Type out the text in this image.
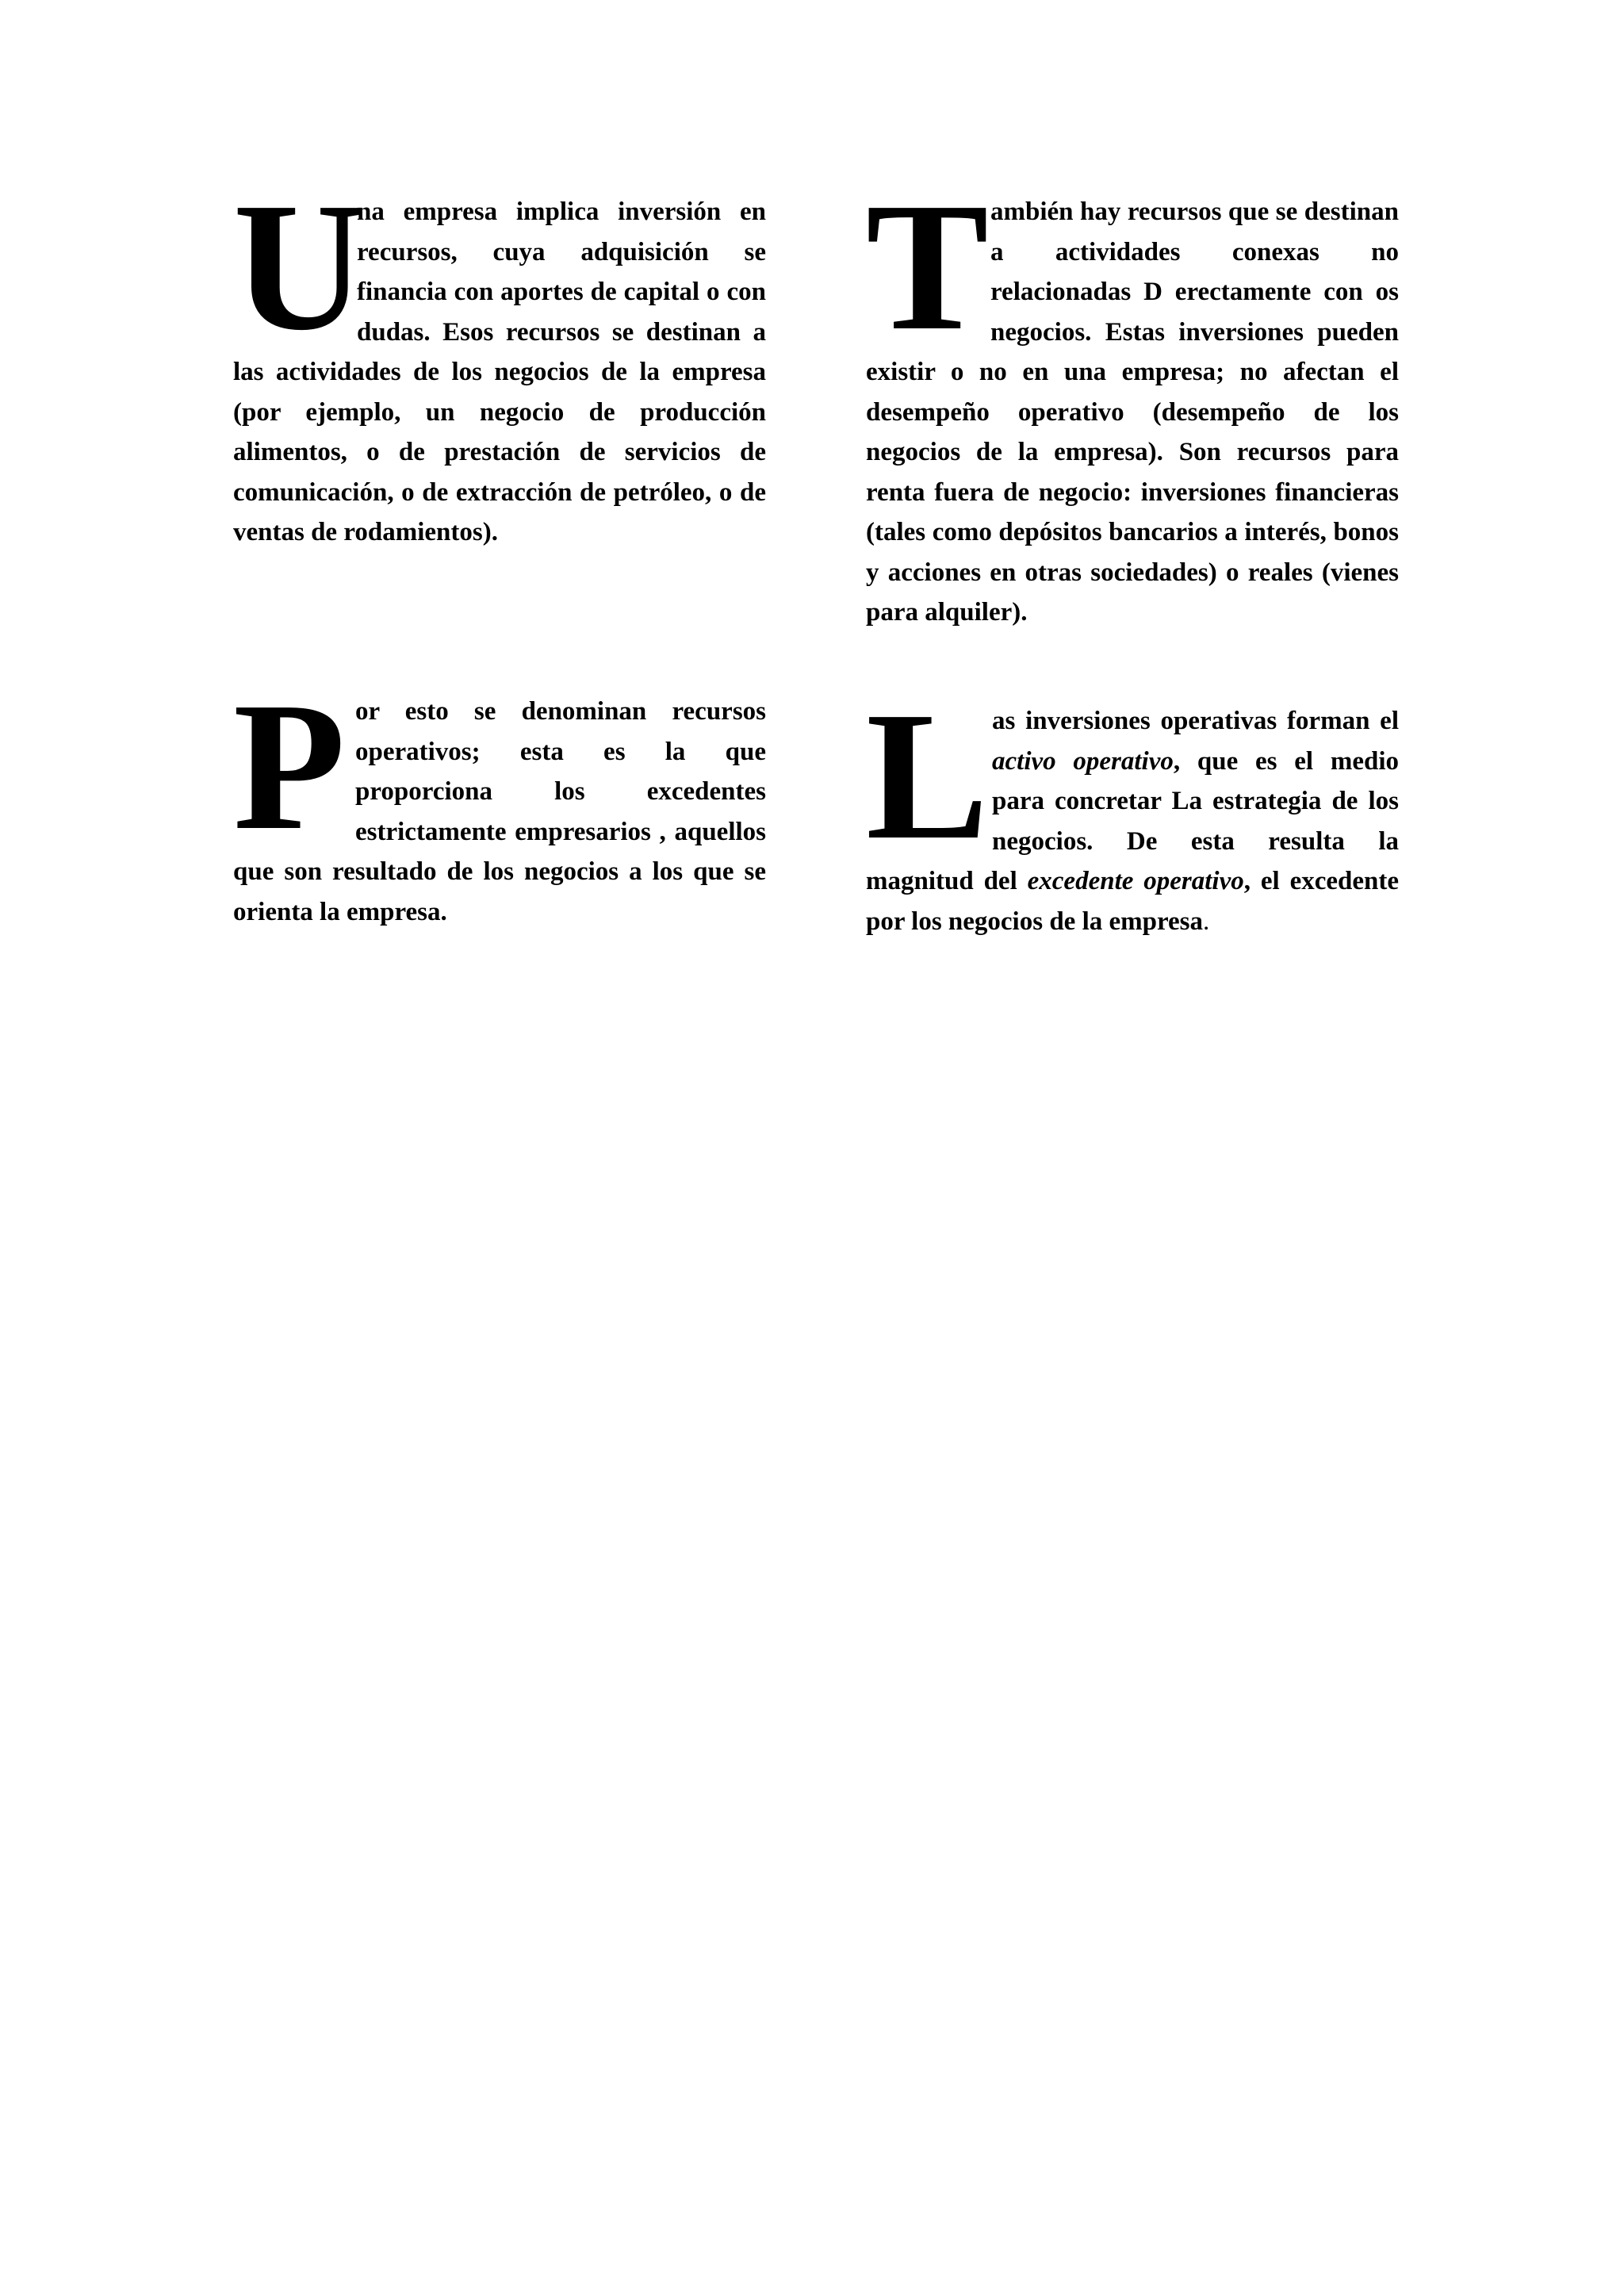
U
na empresa implica inversión en recursos, cuya adquisición se financia con aportes de capital o con dudas. Esos recursos se destinan a las actividades de los negocios de la empresa (por ejemplo, un negocio de producción alimentos, o de prestación de servicios de comunicación, o de extracción de petróleo, o de ventas de rodamientos).

También hay recursos que se destinan a actividades conexas no relacionadas D erectamente con os negocios. Estas inversiones pueden existir o no en una empresa; no afectan el desempeño operativo (desempeño de los negocios de la empresa). Son recursos para renta fuera de negocio: inversiones financieras (tales como depósitos bancarios a interés, bonos y acciones en otras sociedades) o reales (vienes para alquiler).

Por esto se denominan recursos operativos; esta es la que proporciona los excedentes estrictamente empresarios , aquellos que son resultado de los negocios a los que se orienta la empresa.

Las inversiones operativas forman el activo operativo, que es el medio para concretar La estrategia de los negocios. De esta resulta la magnitud del excedente operativo, el excedente por los negocios de la empresa.
